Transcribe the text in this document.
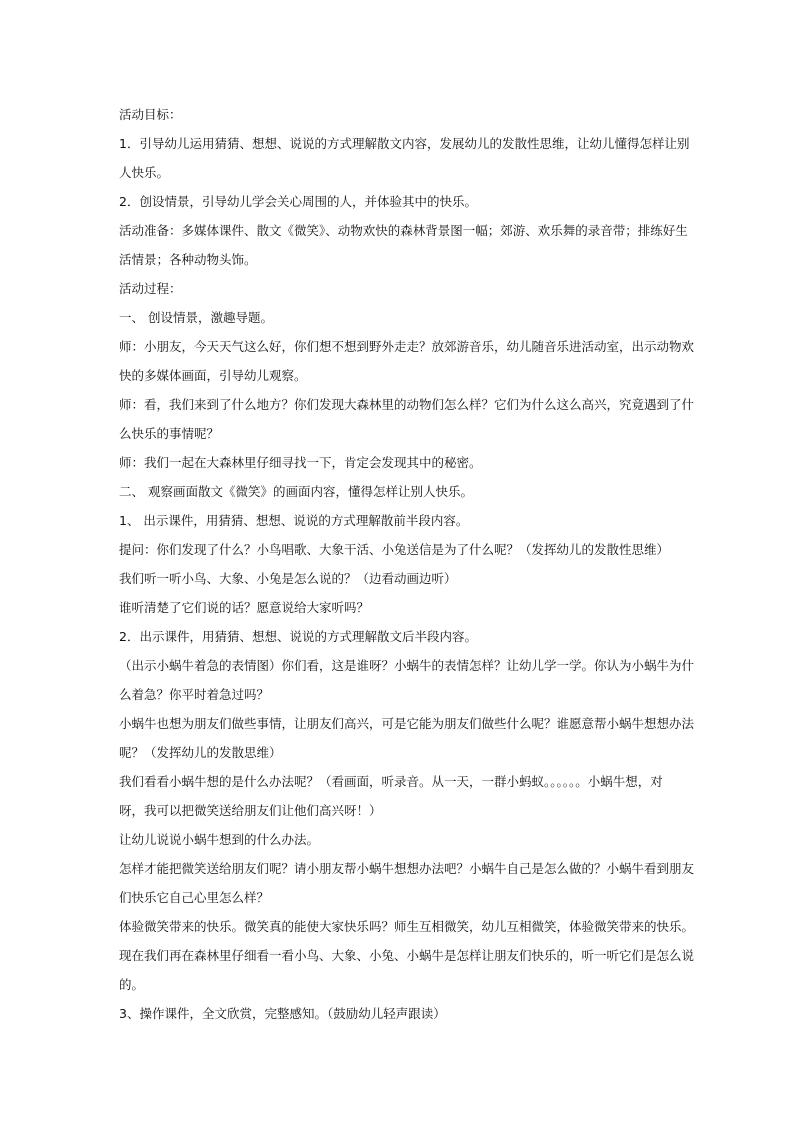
活动目标：
1．引导幼儿运用猜猜、想想、说说的方式理解散文内容，发展幼儿的发散性思维，让幼儿懂得怎样让别
人快乐。
2．创设情景，引导幼儿学会关心周围的人，并体验其中的快乐。
活动准备：多媒体课件、散文《微笑》、动物欢快的森林背景图一幅；郊游、欢乐舞的录音带；排练好生
活情景；各种动物头饰。
活动过程：
一、 创设情景，激趣导题。
师：小朋友，今天天气这么好，你们想不想到野外走走？放郊游音乐，幼儿随音乐进活动室，出示动物欢
快的多媒体画面，引导幼儿观察。
师：看，我们来到了什么地方？你们发现大森林里的动物们怎么样？它们为什么这么高兴，究竟遇到了什
么快乐的事情呢？
师：我们一起在大森林里仔细寻找一下，肯定会发现其中的秘密。
二、 观察画面散文《微笑》的画面内容，懂得怎样让别人快乐。
1、 出示课件，用猜猜、想想、说说的方式理解散前半段内容。
提问：你们发现了什么？小鸟唱歌、大象干活、小兔送信是为了什么呢？（发挥幼儿的发散性思维）
我们听一听小鸟、大象、小兔是怎么说的？（边看动画边听）
谁听清楚了它们说的话？愿意说给大家听吗？
2．出示课件，用猜猜、想想、说说的方式理解散文后半段内容。
（出示小蜗牛着急的表情图）你们看，这是谁呀？小蜗牛的表情怎样？让幼儿学一学。你认为小蜗牛为什
么着急？你平时着急过吗？
小蜗牛也想为朋友们做些事情，让朋友们高兴，可是它能为朋友们做些什么呢？谁愿意帮小蜗牛想想办法
呢？（发挥幼儿的发散思维）
我们看看小蜗牛想的是什么办法呢？（看画面，听录音。从一天，一群小蚂蚁。。。。。。小蜗牛想，对
呀，我可以把微笑送给朋友们让他们高兴呀！）
让幼儿说说小蜗牛想到的什么办法。
怎样才能把微笑送给朋友们呢？请小朋友帮小蜗牛想想办法吧？小蜗牛自己是怎么做的？小蜗牛看到朋友
们快乐它自己心里怎么样？
体验微笑带来的快乐。微笑真的能使大家快乐吗？师生互相微笑，幼儿互相微笑，体验微笑带来的快乐。
现在我们再在森林里仔细看一看小鸟、大象、小兔、小蜗牛是怎样让朋友们快乐的，听一听它们是怎么说
的。
3、操作课件，全文欣赏，完整感知。（鼓励幼儿轻声跟读）
